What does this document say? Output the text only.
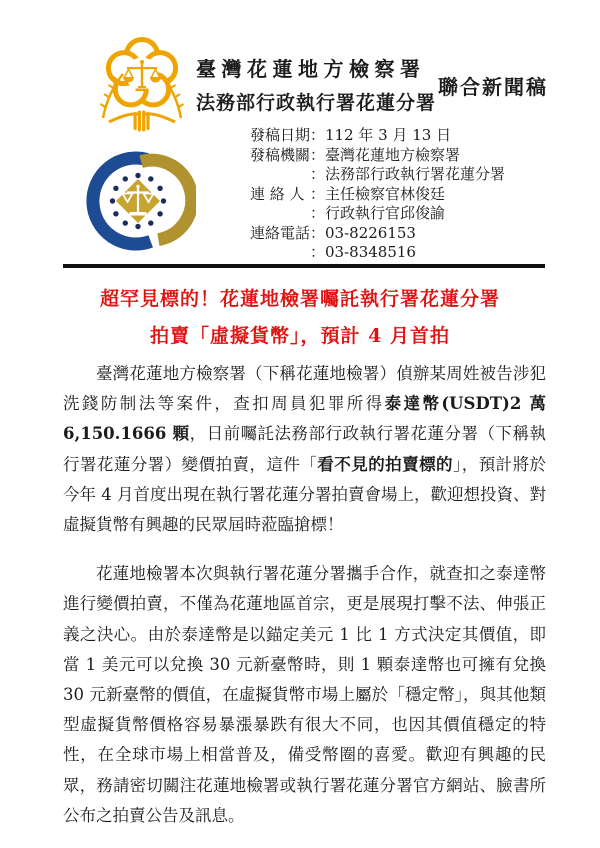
臺灣花蓮地方檢察署
法務部行政執行署花蓮分署
聯合新聞稿
發稿日期：112 年 3 月 13 日
發稿機關：臺灣花蓮地方檢察署
：法務部行政執行署花蓮分署
連 絡 人 ：主任檢察官林俊廷
：行政執行官邱俊諭
連絡電話：03-8226153
：03-8348516
超罕見標的！花蓮地檢署囑託執行署花蓮分署
拍賣「虛擬貨幣」，預計 4 月首拍

臺灣花蓮地方檢察署（下稱花蓮地檢署）偵辦某周姓被告涉犯洗錢防制法等案件，查扣周員犯罪所得泰達幣(USDT)2 萬 6,150.1666 顆，日前囑託法務部行政執行署花蓮分署（下稱執行署花蓮分署）變價拍賣，這件「看不見的拍賣標的」，預計將於今年 4 月首度出現在執行署花蓮分署拍賣會場上，歡迎想投資、對虛擬貨幣有興趣的民眾屆時蒞臨搶標！

花蓮地檢署本次與執行署花蓮分署攜手合作，就查扣之泰達幣進行變價拍賣，不僅為花蓮地區首宗，更是展現打擊不法、伸張正義之決心。由於泰達幣是以錨定美元 1 比 1 方式決定其價值，即當 1 美元可以兌換 30 元新臺幣時，則 1 顆泰達幣也可擁有兌換 30 元新臺幣的價值，在虛擬貨幣市場上屬於「穩定幣」，與其他類型虛擬貨幣價格容易暴漲暴跌有很大不同，也因其價值穩定的特性，在全球市場上相當普及，備受幣圈的喜愛。歡迎有興趣的民眾，務請密切關注花蓮地檢署或執行署花蓮分署官方網站、臉書所公布之拍賣公告及訊息。
